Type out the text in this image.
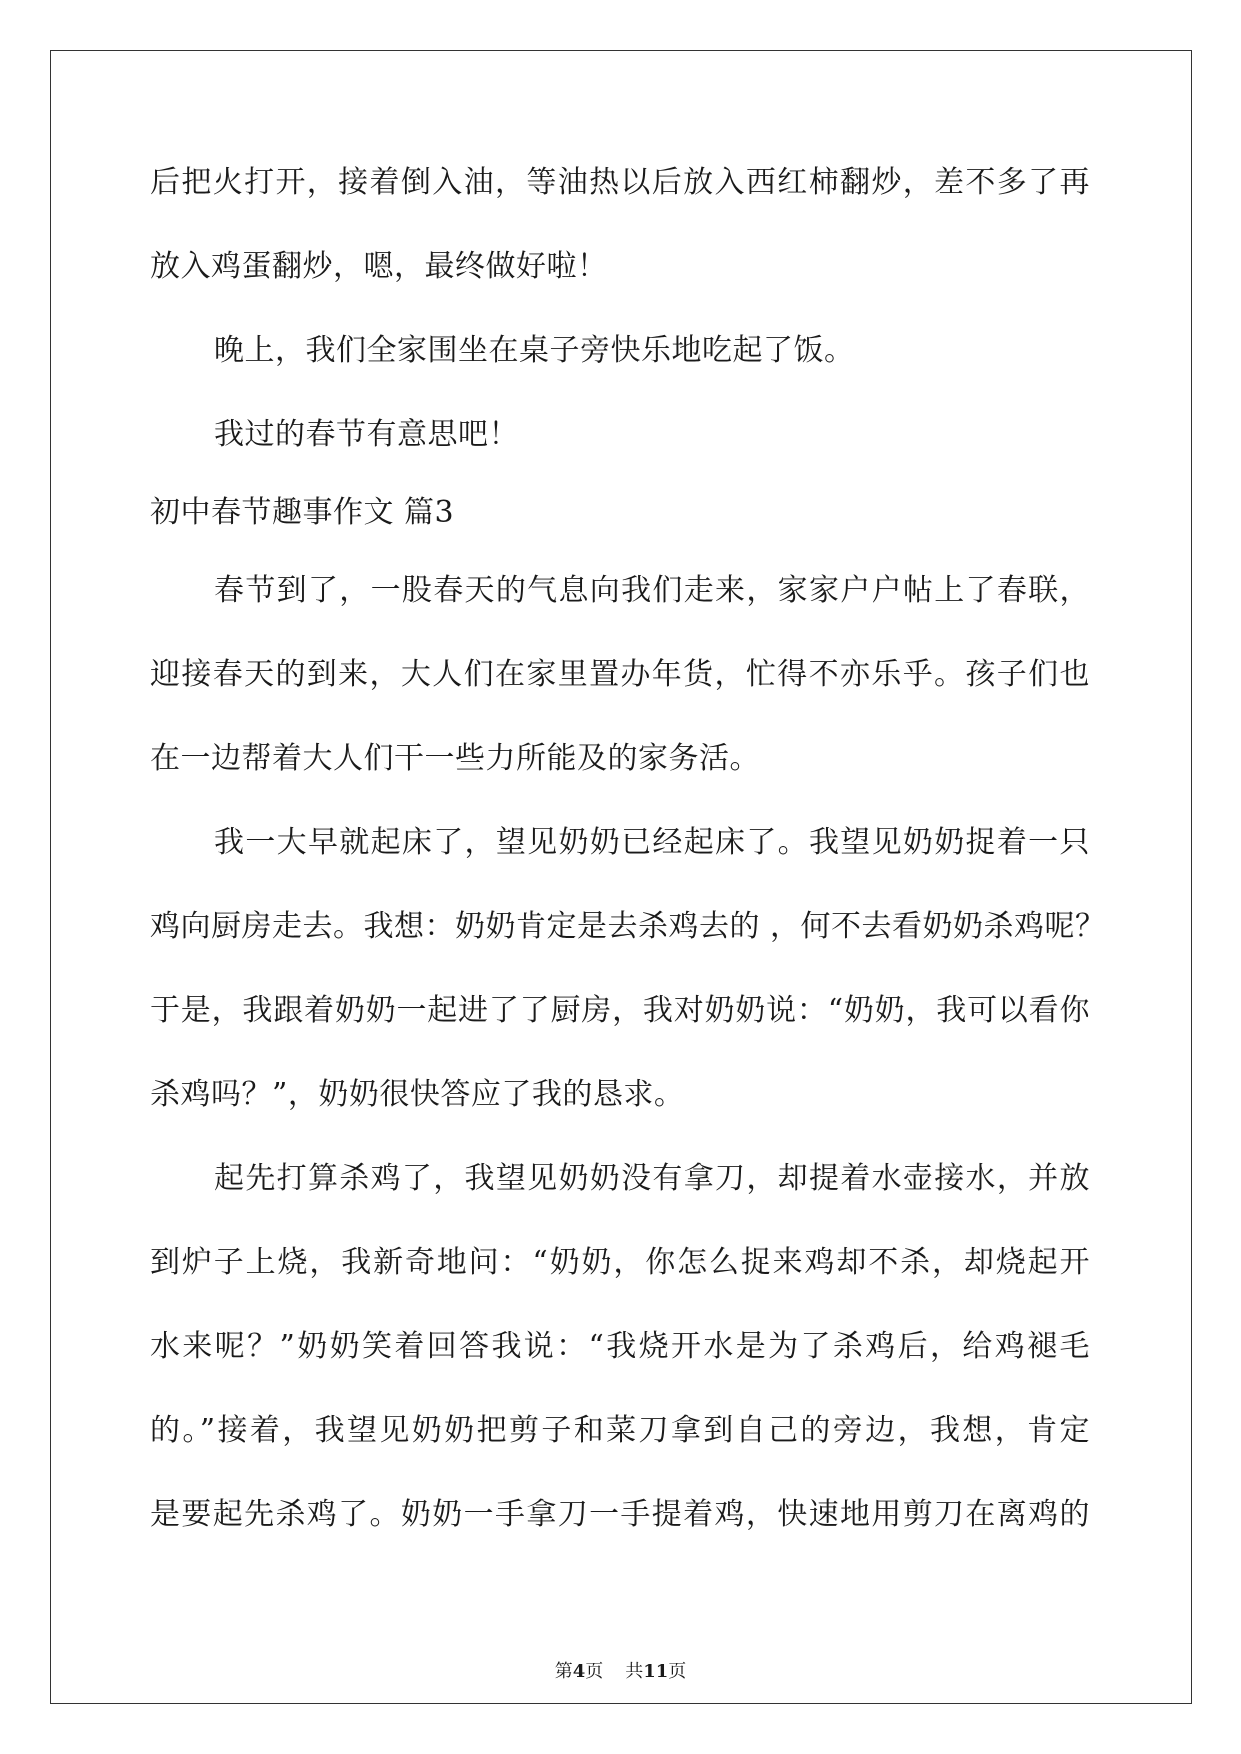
后把火打开，接着倒入油，等油热以后放入西红柿翻炒，差不多了再
放入鸡蛋翻炒，嗯，最终做好啦！
晚上，我们全家围坐在桌子旁快乐地吃起了饭。
我过的春节有意思吧！
初中春节趣事作文 篇3
春节到了，一股春天的气息向我们走来，家家户户帖上了春联，
迎接春天的到来，大人们在家里置办年货，忙得不亦乐乎。孩子们也
在一边帮着大人们干一些力所能及的家务活。
我一大早就起床了，望见奶奶已经起床了。我望见奶奶捉着一只
鸡向厨房走去。我想：奶奶肯定是去杀鸡去的 ，何不去看奶奶杀鸡呢？
于是，我跟着奶奶一起进了了厨房，我对奶奶说：“奶奶，我可以看你
杀鸡吗？”，奶奶很快答应了我的恳求。
起先打算杀鸡了，我望见奶奶没有拿刀，却提着水壶接水，并放
到炉子上烧，我新奇地问：“奶奶，你怎么捉来鸡却不杀，却烧起开
水来呢？”奶奶笑着回答我说：“我烧开水是为了杀鸡后，给鸡褪毛
的。”接着，我望见奶奶把剪子和菜刀拿到自己的旁边，我想，肯定
是要起先杀鸡了。奶奶一手拿刀一手提着鸡，快速地用剪刀在离鸡的
第4页 共11页
